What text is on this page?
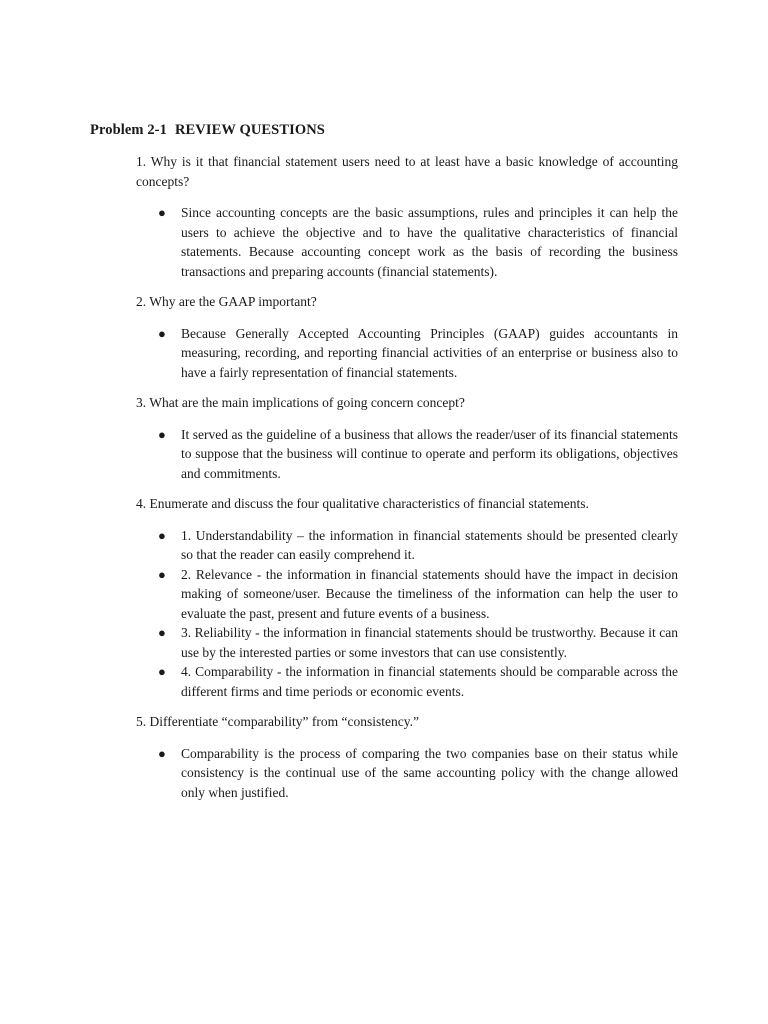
Problem 2-1 REVIEW QUESTIONS

1. Why is it that financial statement users need to at least have a basic knowledge of accounting concepts?

● Since accounting concepts are the basic assumptions, rules and principles it can help the users to achieve the objective and to have the qualitative characteristics of financial statements. Because accounting concept work as the basis of recording the business transactions and preparing accounts (financial statements).

2. Why are the GAAP important?

● Because Generally Accepted Accounting Principles (GAAP) guides accountants in measuring, recording, and reporting financial activities of an enterprise or business also to have a fairly representation of financial statements.

3. What are the main implications of going concern concept?

● It served as the guideline of a business that allows the reader/user of its financial statements to suppose that the business will continue to operate and perform its obligations, objectives and commitments.

4. Enumerate and discuss the four qualitative characteristics of financial statements.

● 1. Understandability – the information in financial statements should be presented clearly so that the reader can easily comprehend it.
● 2. Relevance - the information in financial statements should have the impact in decision making of someone/user. Because the timeliness of the information can help the user to evaluate the past, present and future events of a business.
● 3. Reliability - the information in financial statements should be trustworthy. Because it can use by the interested parties or some investors that can use consistently.
● 4. Comparability - the information in financial statements should be comparable across the different firms and time periods or economic events.

5. Differentiate “comparability” from “consistency.”

● Comparability is the process of comparing the two companies base on their status while consistency is the continual use of the same accounting policy with the change allowed only when justified.
